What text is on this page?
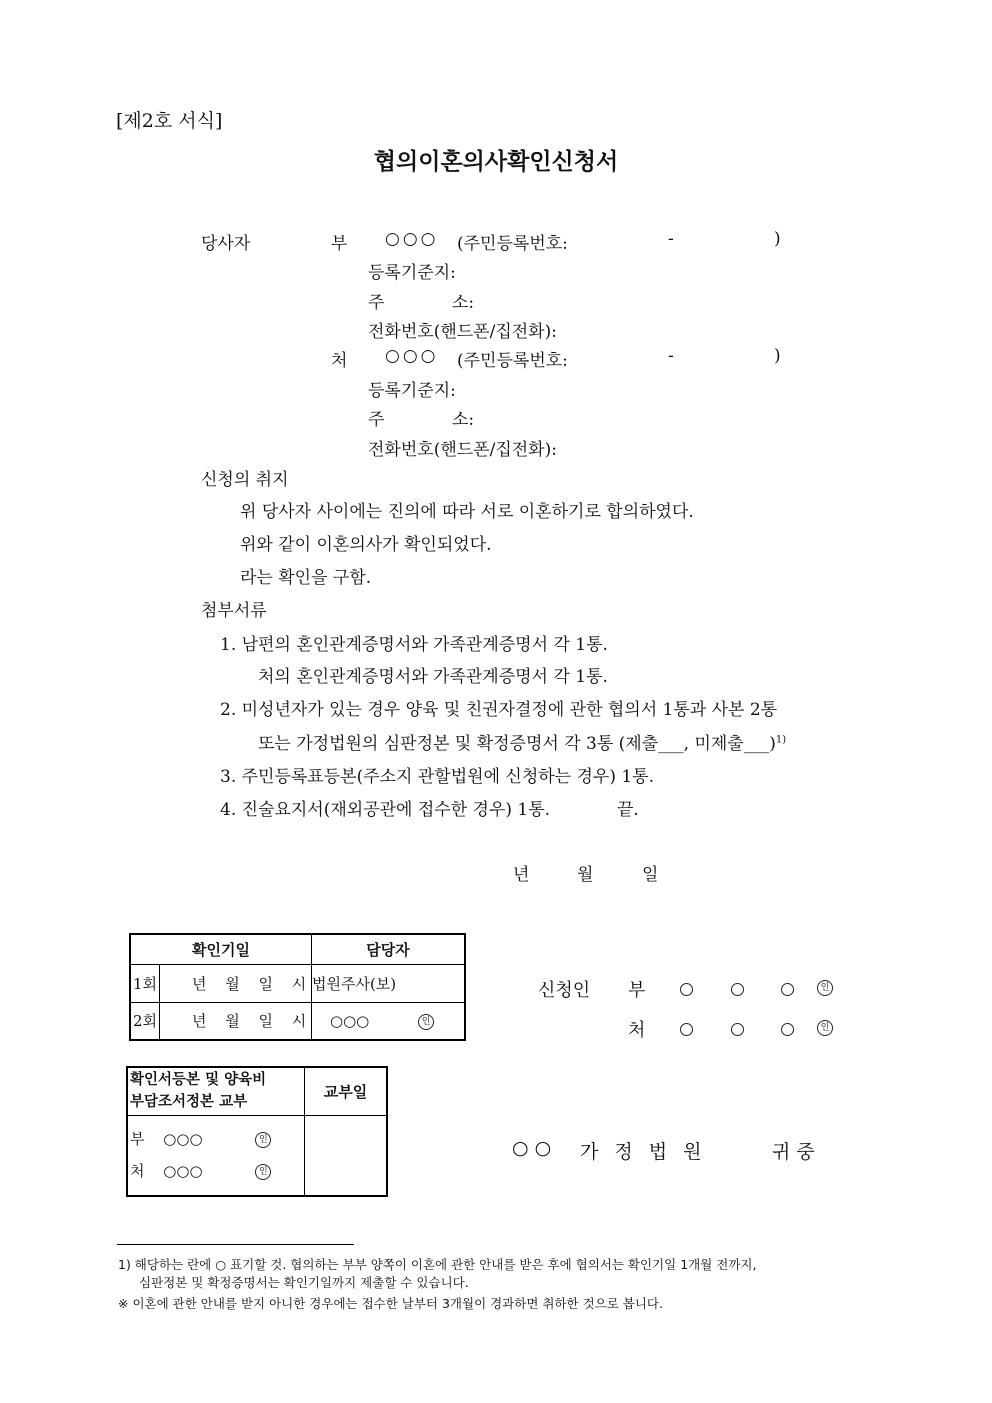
[제2호 서식]
협의이혼의사확인신청서
당사자	부 ○○○ (주민등록번호:	-	)
등록기준지:
주	소:
전화번호(핸드폰/집전화):
처 ○○○ (주민등록번호:	-	)
등록기준지:
주	소:
전화번호(핸드폰/집전화):
신청의 취지
위 당사자 사이에는 진의에 따라 서로 이혼하기로 합의하였다.
위와 같이 이혼의사가 확인되었다.
라는 확인을 구함.
첨부서류
1. 남편의 혼인관계증명서와 가족관계증명서 각 1통.
처의 혼인관계증명서와 가족관계증명서 각 1통.
2. 미성년자가 있는 경우 양육 및 친권자결정에 관한 협의서 1통과 사본 2통
또는 가정법원의 심판정본 및 확정증명서 각 3통 (제출___, 미제출___)$^{1)}$
3. 주민등록표등본(주소지 관할법원에 신청하는 경우) 1통.
4. 진술요지서(재외공관에 접수한 경우) 1통.	끝.
년	월	일
확인기일		담당자
1회	년 월 일 시	법원주사(보)
2회	년 월 일 시	○○○ 인
신청인 부	인
처	인
확인서등본 및 양육비
부담조서정본 교부	교부일

부 ○○○ 인
처 ○○○ 인	

○ ○ 가 정 법 원	귀 중
1) 해당하는 란에 ○ 표기할 것. 협의하는 부부 양쪽이 이혼에 관한 안내를 받은 후에 협의서는 확인기일 1개월 전까지,
심판정본 및 확정증명서는 확인기일까지 제출할 수 있습니다.
※ 이혼에 관한 안내를 받지 아니한 경우에는 접수한 날부터 3개월이 경과하면 취하한 것으로 봅니다.
